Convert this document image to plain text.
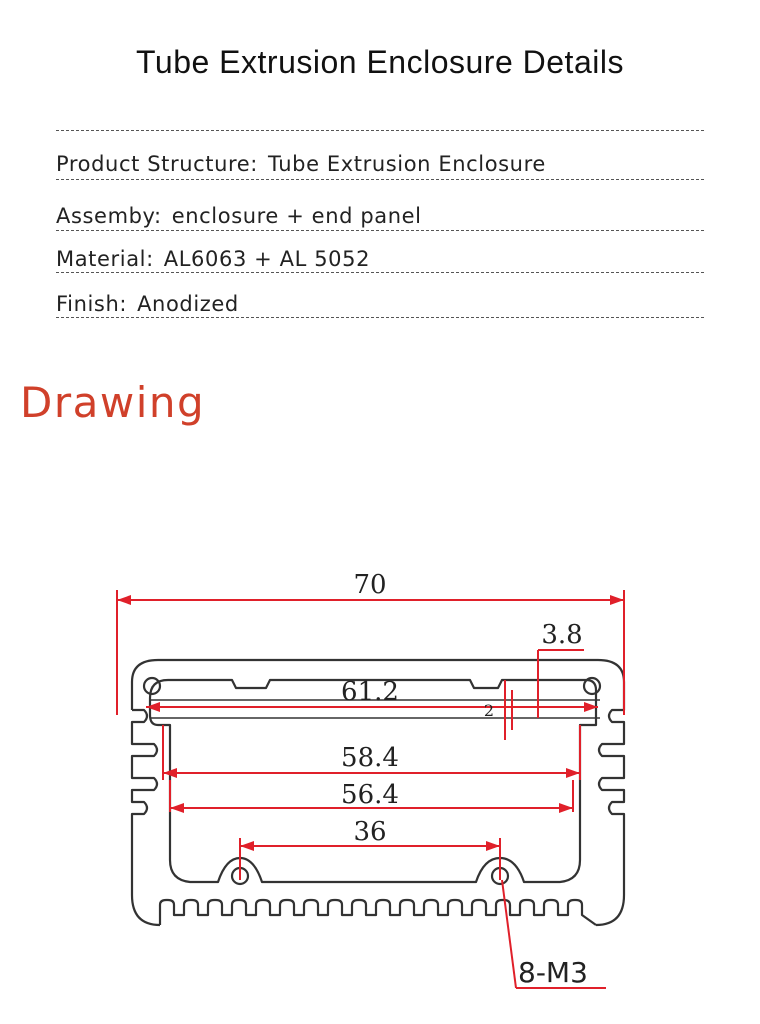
Tube Extrusion Enclosure Details
Product Structure: Tube Extrusion Enclosure
Assemby: enclosure + end panel
Material: AL6063 + AL 5052
Finish: Anodized
Drawing
70
3.8
61.2
2
58.4
56.4
36
8-M3
